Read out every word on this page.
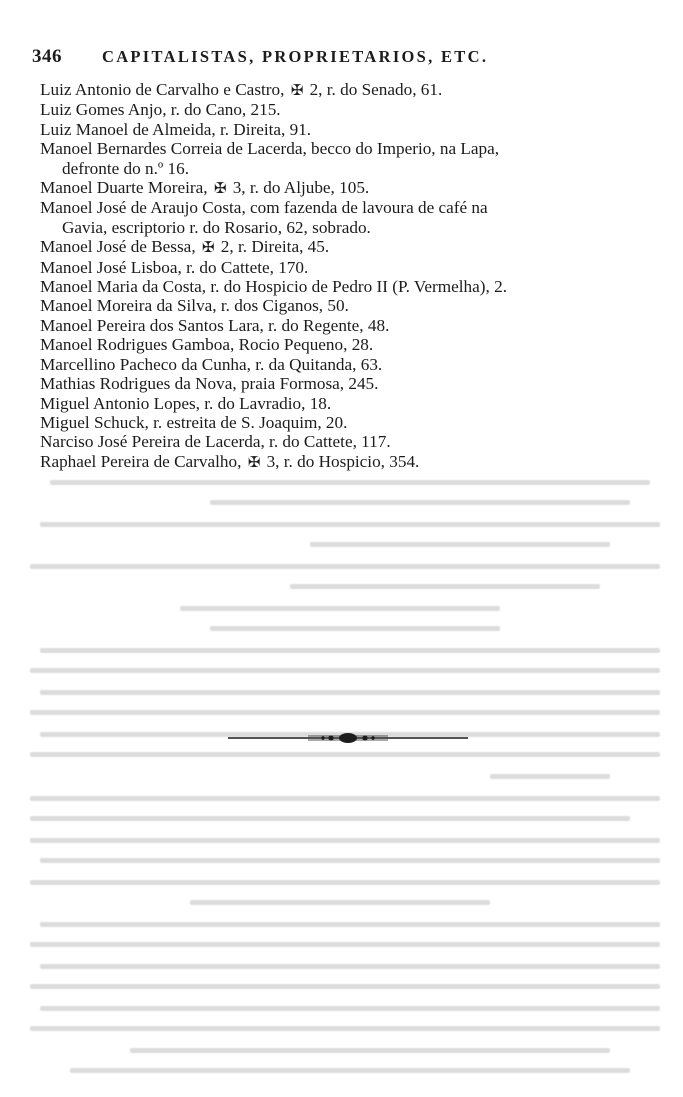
346 CAPITALISTAS, PROPRIETARIOS, ETC.
Luiz Antonio de Carvalho e Castro, ✠ 2, r. do Senado, 61.
Luiz Gomes Anjo, r. do Cano, 215.
Luiz Manoel de Almeida, r. Direita, 91.
Manoel Bernardes Correia de Lacerda, becco do Imperio, na Lapa,
defronte do n.º 16.
Manoel Duarte Moreira, ✠ 3, r. do Aljube, 105.
Manoel José de Araujo Costa, com fazenda de lavoura de café na
Gavia, escriptorio r. do Rosario, 62, sobrado.
Manoel José de Bessa, ✠ 2, r. Direita, 45.
Manoel José Lisboa, r. do Cattete, 170.
Manoel Maria da Costa, r. do Hospicio de Pedro II (P. Vermelha), 2.
Manoel Moreira da Silva, r. dos Ciganos, 50.
Manoel Pereira dos Santos Lara, r. do Regente, 48.
Manoel Rodrigues Gamboa, Rocio Pequeno, 28.
Marcellino Pacheco da Cunha, r. da Quitanda, 63.
Mathias Rodrigues da Nova, praia Formosa, 245.
Miguel Antonio Lopes, r. do Lavradio, 18.
Miguel Schuck, r. estreita de S. Joaquim, 20.
Narciso José Pereira de Lacerda, r. do Cattete, 117.
Raphael Pereira de Carvalho, ✠ 3, r. do Hospicio, 354.
